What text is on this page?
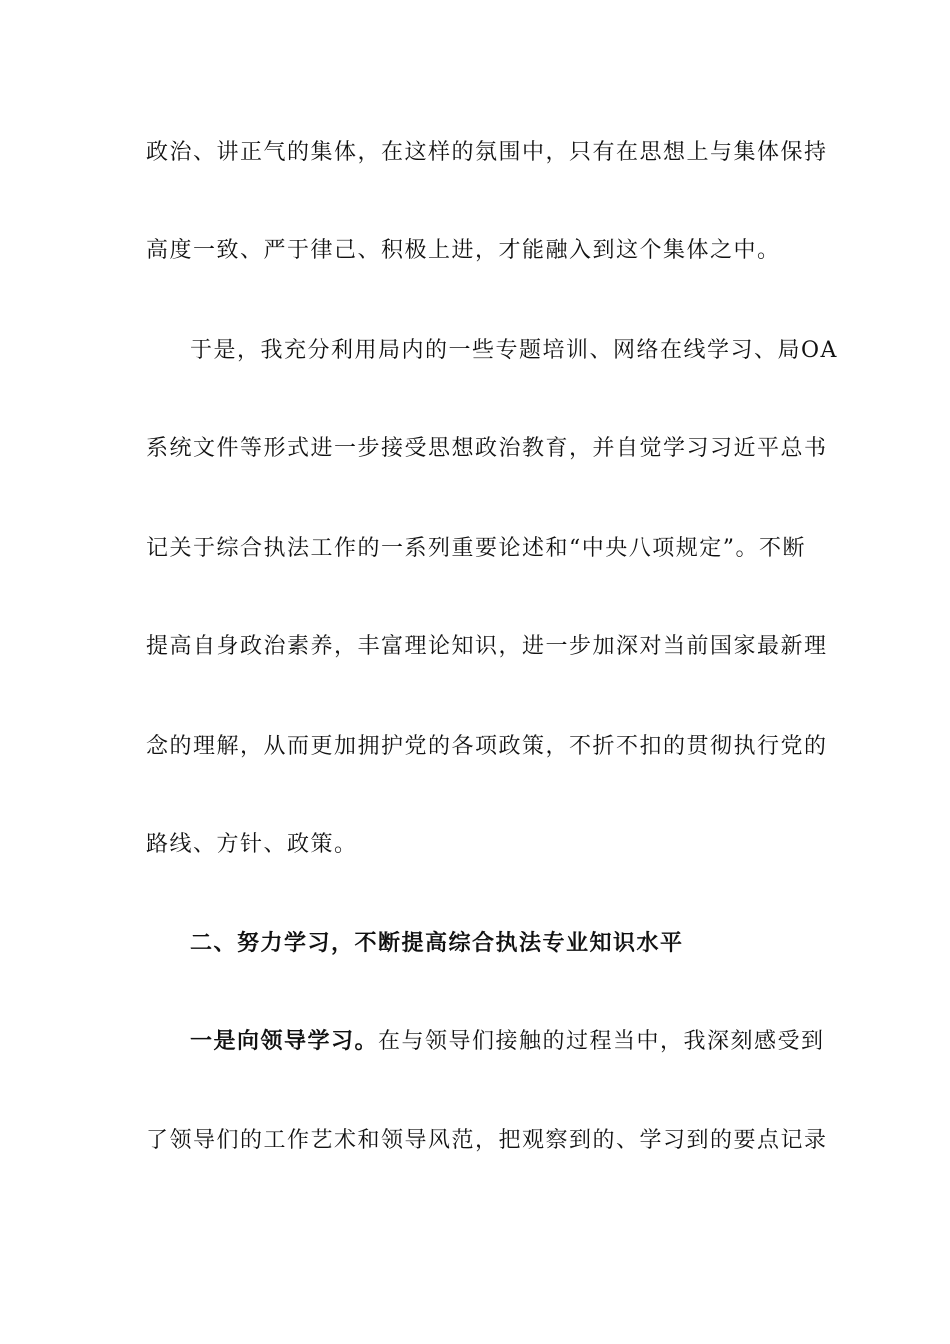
政治、讲正气的集体，在这样的氛围中，只有在思想上与集体保持
高度一致、严于律己、积极上进，才能融入到这个集体之中。
于是，我充分利用局内的一些专题培训、网络在线学习、局OA
系统文件等形式进一步接受思想政治教育，并自觉学习习近平总书
记关于综合执法工作的一系列重要论述和“中央八项规定”。不断
提高自身政治素养，丰富理论知识，进一步加深对当前国家最新理
念的理解，从而更加拥护党的各项政策，不折不扣的贯彻执行党的
路线、方针、政策。
二、努力学习，不断提高综合执法专业知识水平
一是向领导学习。在与领导们接触的过程当中，我深刻感受到
了领导们的工作艺术和领导风范，把观察到的、学习到的要点记录
